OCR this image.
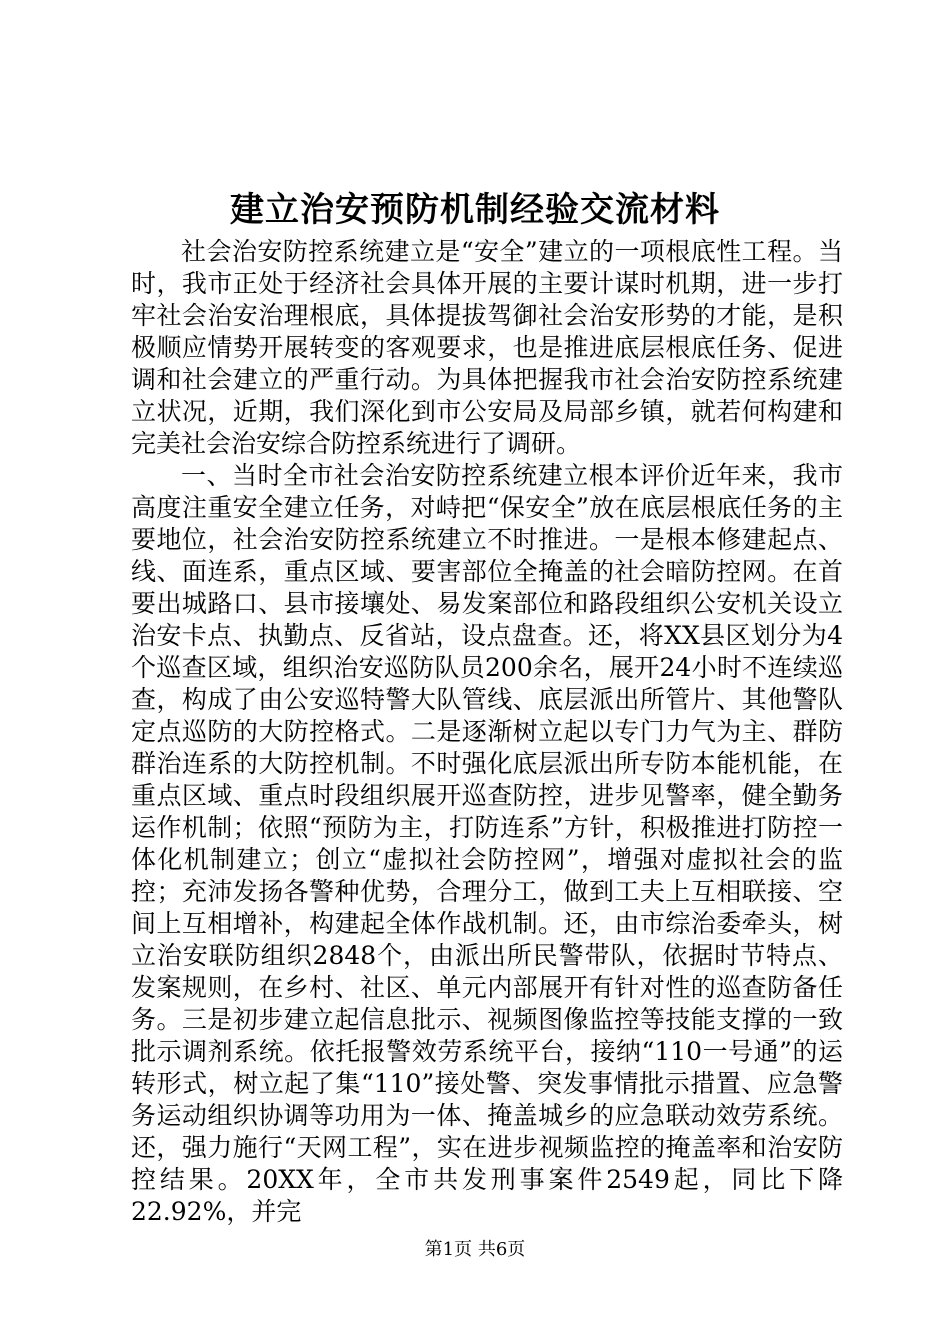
建立治安预防机制经验交流材料

社会治安防控系统建立是“安全”建立的一项根底性工程。当时，我市正处于经济社会具体开展的主要计谋时机期，进一步打牢社会治安治理根底，具体提拔驾御社会治安形势的才能，是积极顺应情势开展转变的客观要求，也是推进底层根底任务、促进调和社会建立的严重行动。为具体把握我市社会治安防控系统建立状况，近期，我们深化到市公安局及局部乡镇，就若何构建和完美社会治安综合防控系统进行了调研。

一、当时全市社会治安防控系统建立根本评价近年来，我市高度注重安全建立任务，对峙把“保安全”放在底层根底任务的主要地位，社会治安防控系统建立不时推进。一是根本修建起点、线、面连系，重点区域、要害部位全掩盖的社会暗防控网。在首要出城路口、县市接壤处、易发案部位和路段组织公安机关设立治安卡点、执勤点、反省站，设点盘查。还，将XX县区划分为4个巡查区域，组织治安巡防队员200余名，展开24小时不连续巡查，构成了由公安巡特警大队管线、底层派出所管片、其他警队定点巡防的大防控格式。二是逐渐树立起以专门力气为主、群防群治连系的大防控机制。不时强化底层派出所专防本能机能，在重点区域、重点时段组织展开巡查防控，进步见警率，健全勤务运作机制；依照“预防为主，打防连系”方针，积极推进打防控一体化机制建立；创立“虚拟社会防控网”，增强对虚拟社会的监控；充沛发扬各警种优势，合理分工，做到工夫上互相联接、空间上互相增补，构建起全体作战机制。还，由市综治委牵头，树立治安联防组织2848个，由派出所民警带队，依据时节特点、发案规则，在乡村、社区、单元内部展开有针对性的巡查防备任务。三是初步建立起信息批示、视频图像监控等技能支撑的一致批示调剂系统。依托报警效劳系统平台，接纳“110一号通”的运转形式，树立起了集“110”接处警、突发事情批示措置、应急警务运动组织协调等功用为一体、掩盖城乡的应急联动效劳系统。还，强力施行“天网工程”，实在进步视频监控的掩盖率和治安防控结果。20XX年，全市共发刑事案件2549起，同比下降22.92%，并完

第1页 共6页
